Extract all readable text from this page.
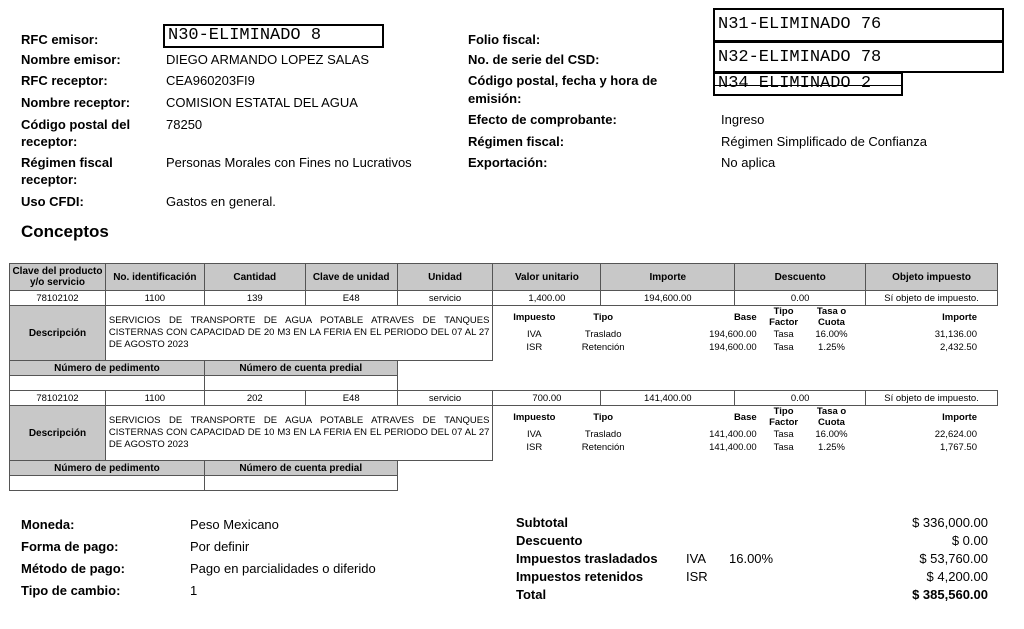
RFC emisor:	N30-ELIMINADO 8
Nombre emisor:	DIEGO ARMANDO LOPEZ SALAS
RFC receptor:	CEA960203FI9
Nombre receptor:	COMISION ESTATAL DEL AGUA
Código postal del
receptor:
78250
Régimen fiscal
receptor:
Personas Morales con Fines no Lucrativos
Uso CFDI:	Gastos en general.
Folio fiscal:
N31-ELIMINADO 76
No. de serie del CSD:	N32-ELIMINADO 78
Código postal, fecha y hora de
emisión:
N34 ELIMINADO 2
Efecto de comprobante:	Ingreso
Régimen fiscal:	Régimen Simplificado de Confianza
Exportación:	No aplica
Conceptos
Clave del producto y/o servicio	No. identificación	Cantidad	Clave de unidad	Unidad	Valor unitario	Importe	Descuento	Objeto impuesto
78102102	1100	139	E48	servicio	1,400.00	194,600.00	0.00	Sí objeto de impuesto.
Descripción	SERVICIOS DE TRANSPORTE DE AGUA POTABLE ATRAVES DE TANQUES CISTERNAS CON CAPACIDAD DE 20 M3 EN LA FERIA EN EL PERIODO DEL 07 AL 27 DE AGOSTO 2023	
Impuesto	Tipo	Base	Tipo Factor	Tasa o Cuota	Importe
IVA	Traslado	194,600.00	Tasa	16.00%	31,136.00
ISR	Retención	194,600.00	Tasa	1.25%	2,432.50

Número de pedimento	Número de cuenta predial	

78102102	1100	202	E48	servicio	700.00	141,400.00	0.00	Sí objeto de impuesto.
Descripción	SERVICIOS DE TRANSPORTE DE AGUA POTABLE ATRAVES DE TANQUES CISTERNAS CON CAPACIDAD DE 10 M3 EN LA FERIA EN EL PERIODO DEL 07 AL 27 DE AGOSTO 2023	
Impuesto	Tipo	Base	Tipo Factor	Tasa o Cuota	Importe
IVA	Traslado	141,400.00	Tasa	16.00%	22,624.00
ISR	Retención	141,400.00	Tasa	1.25%	1,767.50

Número de pedimento	Número de cuenta predial	

Moneda:	Peso Mexicano
Forma de pago:	Por definir
Método de pago:	Pago en parcialidades o diferido
Tipo de cambio:	1
Subtotal	$ 336,000.00
Descuento	$ 0.00
Impuestos trasladados IVA 16.00%	$ 53,760.00
Impuestos retenidos	ISR	$ 4,200.00
Total	$ 385,560.00
